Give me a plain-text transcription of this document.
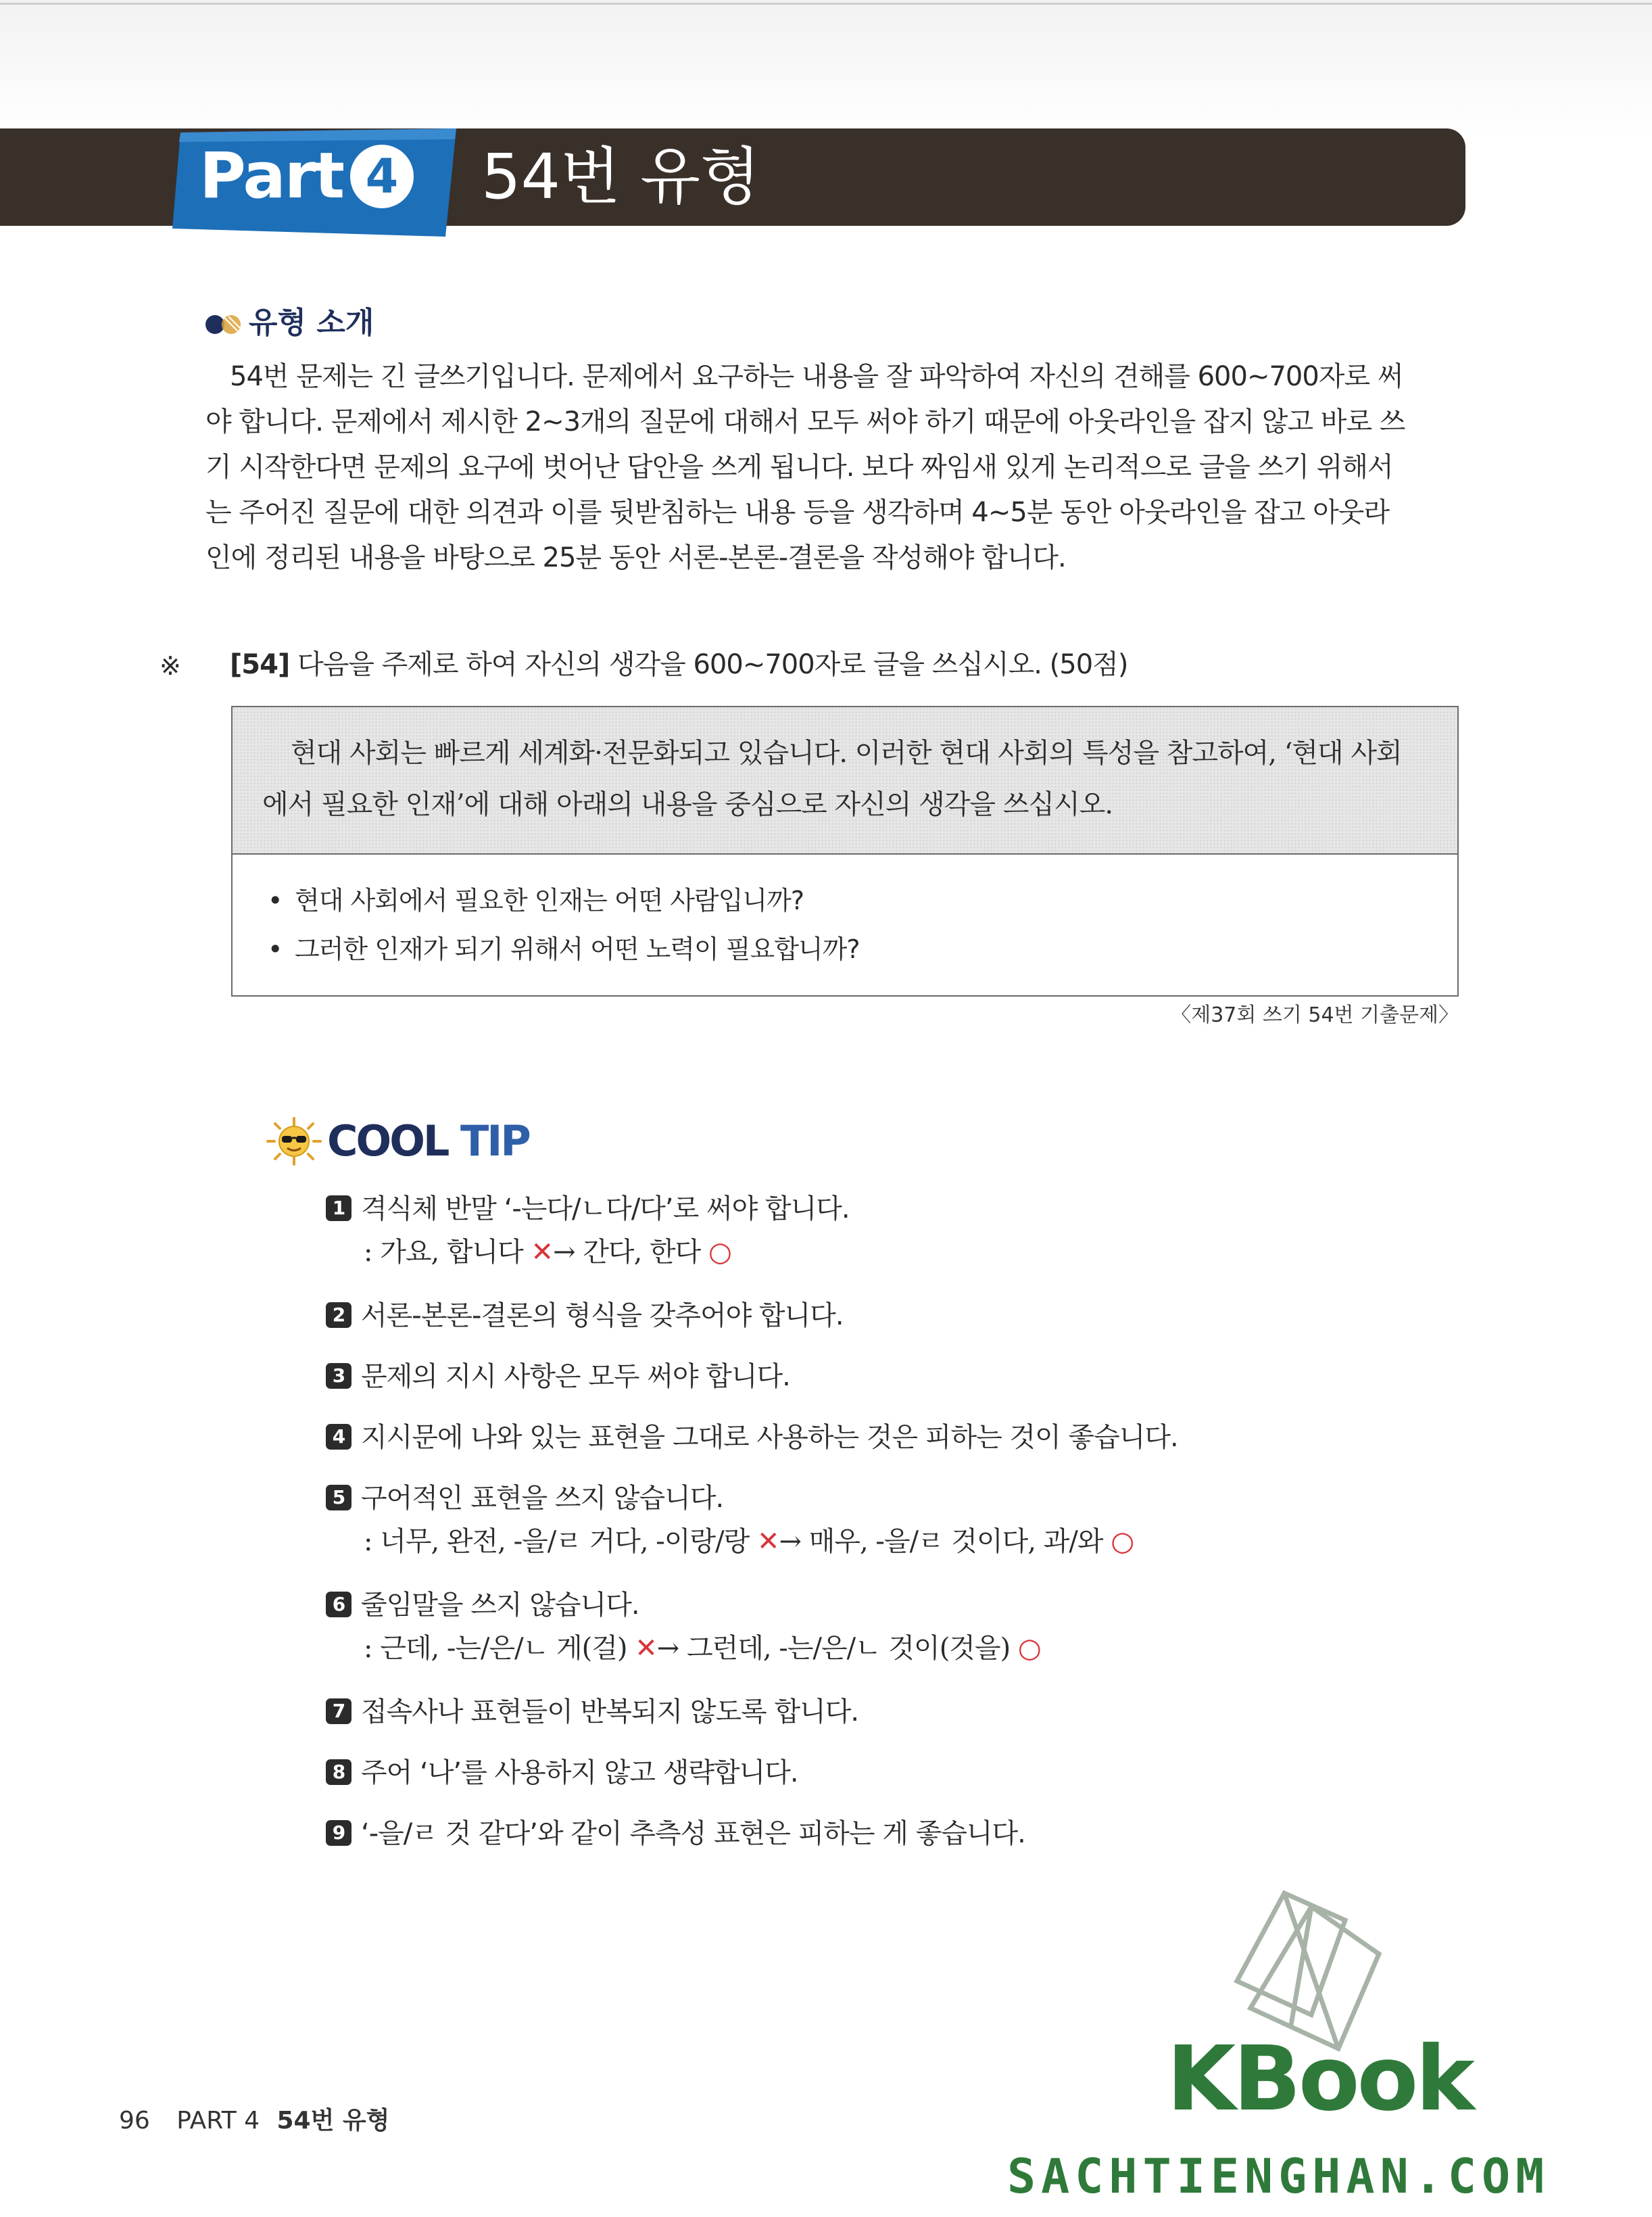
Part 4 54번 유형
유형 소개

54번 문제는 긴 글쓰기입니다. 문제에서 요구하는 내용을 잘 파악하여 자신의 견해를 600~700자로 써

야 합니다. 문제에서 제시한 2~3개의 질문에 대해서 모두 써야 하기 때문에 아웃라인을 잡지 않고 바로 쓰

기 시작한다면 문제의 요구에 벗어난 답안을 쓰게 됩니다. 보다 짜임새 있게 논리적으로 글을 쓰기 위해서

는 주어진 질문에 대한 의견과 이를 뒷받침하는 내용 등을 생각하며 4~5분 동안 아웃라인을 잡고 아웃라

인에 정리된 내용을 바탕으로 25분 동안 서론-본론-결론을 작성해야 합니다.

※ [54] 다음을 주제로 하여 자신의 생각을 600~700자로 글을 쓰십시오. (50점)
현대 사회는 빠르게 세계화·전문화되고 있습니다. 이러한 현대 사회의 특성을 참고하여, ‘현대 사회
에서 필요한 인재’에 대해 아래의 내용을 중심으로 자신의 생각을 쓰십시오.
• 현대 사회에서 필요한 인재는 어떤 사람입니까?
• 그러한 인재가 되기 위해서 어떤 노력이 필요합니까?
〈제37회 쓰기 54번 기출문제〉
COOL TIP
1 격식체 반말 ‘-는다/ㄴ다/다’로 써야 합니다.
: 가요, 합니다 ✕→ 간다, 한다 ○
2 서론-본론-결론의 형식을 갖추어야 합니다.
3 문제의 지시 사항은 모두 써야 합니다.
4 지시문에 나와 있는 표현을 그대로 사용하는 것은 피하는 것이 좋습니다.
5 구어적인 표현을 쓰지 않습니다.
: 너무, 완전, -을/ㄹ 거다, -이랑/랑 ✕→ 매우, -을/ㄹ 것이다, 과/와 ○
6 줄임말을 쓰지 않습니다.
: 근데, -는/은/ㄴ 게(걸) ✕→ 그런데, -는/은/ㄴ 것이(것을) ○
7 접속사나 표현들이 반복되지 않도록 합니다.
8 주어 ‘나’를 사용하지 않고 생략합니다.
9 ‘-을/ㄹ 것 같다’와 같이 추측성 표현은 피하는 게 좋습니다.
96 PART 4 54번 유형	KBook
SACHTIENGHAN.COM
